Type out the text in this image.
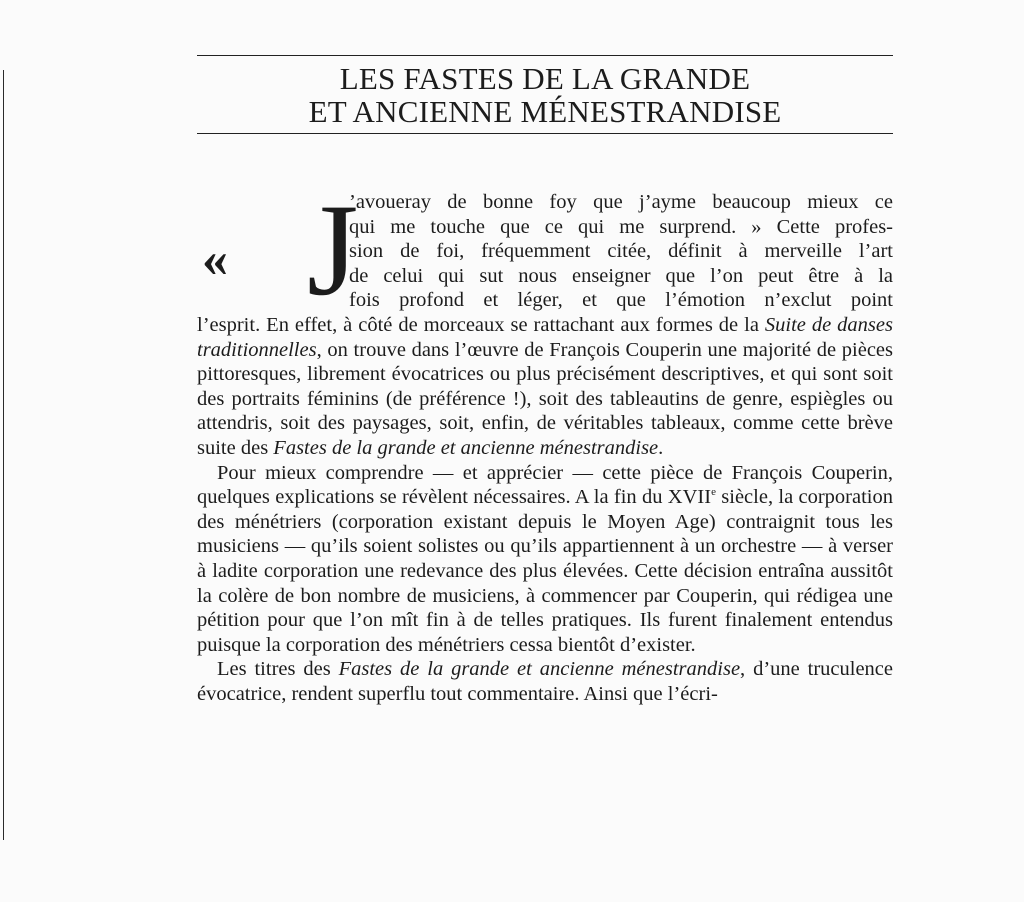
LES FASTES DE LA GRANDE
ET ANCIENNE MÉNESTRANDISE
« J

’avoueray de bonne foy que j’ayme beaucoup mieux ce
qui me touche que ce qui me surprend. » Cette profes-
sion de foi, fréquemment citée, définit à merveille l’art
de celui qui sut nous enseigner que l’on peut être à la
fois profond et léger, et que l’émotion n’exclut point
l’esprit. En effet, à côté de morceaux se rattachant aux formes de la Suite de danses traditionnelles, on trouve dans l’œuvre de François Couperin une majorité de pièces pittoresques, librement évocatrices ou plus précisément descriptives, et qui sont soit des portraits féminins (de préférence !), soit des tableautins de genre, espiègles ou attendris, soit des paysages, soit, enfin, de véritables tableaux, comme cette brève suite des Fastes de la grande et ancienne ménestrandise.

Pour mieux comprendre — et apprécier — cette pièce de François Couperin, quelques explications se révèlent nécessaires. A la fin du XVIIe siècle, la corporation des ménétriers (corporation existant depuis le Moyen Age) contraignit tous les musiciens — qu’ils soient solistes ou qu’ils appartiennent à un orchestre — à verser à ladite corporation une redevance des plus élevées. Cette décision entraîna aussitôt la colère de bon nombre de musiciens, à commencer par Couperin, qui rédigea une pétition pour que l’on mît fin à de telles pratiques. Ils furent finalement entendus puisque la corporation des ménétriers cessa bientôt d’exister.

Les titres des Fastes de la grande et ancienne ménestrandise, d’une truculence évocatrice, rendent superflu tout commentaire. Ainsi que l’écri-
